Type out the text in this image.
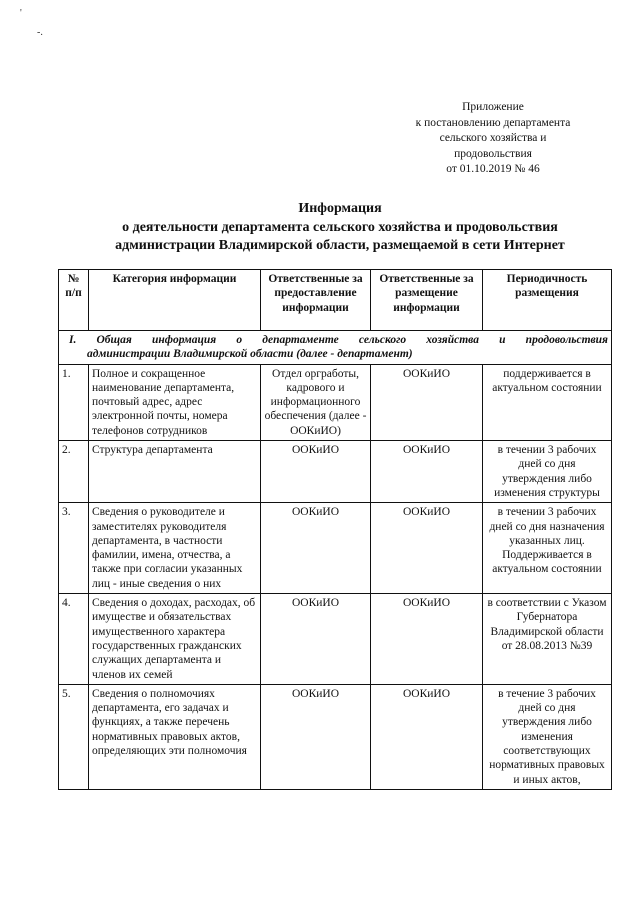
'
-.
Приложение
к постановлению департамента
сельского хозяйства и
продовольствия
от 01.10.2019 № 46
Информация
о деятельности департамента сельского хозяйства и продовольствия
администрации Владимирской области, размещаемой в сети Интернет
№ п/п	Категория информации	Ответственные за предоставление информации	Ответственные за размещение информации	Периодичность размещения

I. Общая информация о департаменте сельского хозяйства и продовольствия
администрации Владимирской области (далее - департамент)				

1.	Полное и сокращенное наименование департамента, почтовый адрес, адрес электронной почты, номера телефонов сотрудников	Отдел оргработы, кадрового и информационного обеспечения (далее - ООКиИО)	ООКиИО	поддерживается в актуальном состоянии
2.	Структура департамента	ООКиИО	ООКиИО	в течении 3 рабочих дней со дня утверждения либо изменения структуры
3.	Сведения о руководителе и заместителях руководителя департамента, в частности фамилии, имена, отчества, а также при согласии указанных лиц - иные сведения о них	ООКиИО	ООКиИО	в течении 3 рабочих дней со дня назначения указанных лиц. Поддерживается в актуальном состоянии
4.	Сведения о доходах, расходах, об имуществе и обязательствах имущественного характера государственных гражданских служащих департамента и членов их семей	ООКиИО	ООКиИО	в соответствии с Указом Губернатора Владимирской области от 28.08.2013 №39
5.	Сведения о полномочиях департамента, его задачах и функциях, а также перечень нормативных правовых актов, определяющих эти полномочия	ООКиИО	ООКиИО	в течение 3 рабочих дней со дня утверждения либо изменения соответствующих нормативных правовых и иных актов,
